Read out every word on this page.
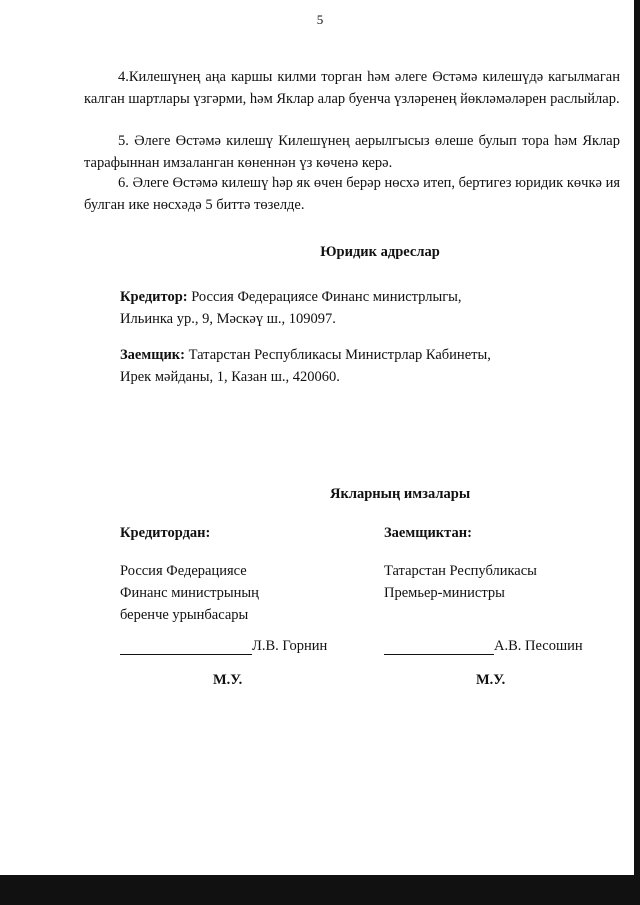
5
4.Килешүнең аңа каршы килми торган һәм әлеге Өстәмә килешүдә кагылмаган калган шартлары үзгәрми, һәм Яклар алар буенча үзләренең йөкләмәләрен раслыйлар.
5. Әлеге Өстәмә килешү Килешүнең аерылгысыз өлеше булып тора һәм Яклар тарафыннан имзаланган көненнән үз көченә керә.
6. Әлеге Өстәмә килешү һәр як өчен берәр нөсхә итеп, бертигез юридик көчкә ия булган ике нөсхәдә 5 биттә төзелде.
Юридик адреслар
Кредитор: Россия Федерациясе Финанс министрлыгы,
Ильинка ур., 9, Мәскәү ш., 109097.
Заемщик: Татарстан Республикасы Министрлар Кабинеты,
Ирек мәйданы, 1, Казан ш., 420060.
Якларның имзалары
Кредитордан:
Россия Федерациясе
Финанс министрының
беренче урынбасары
Заемщиктан:
Татарстан Республикасы
Премьер-министры
Л.В. Горнин	А.В. Песошин
М.У.	М.У.
